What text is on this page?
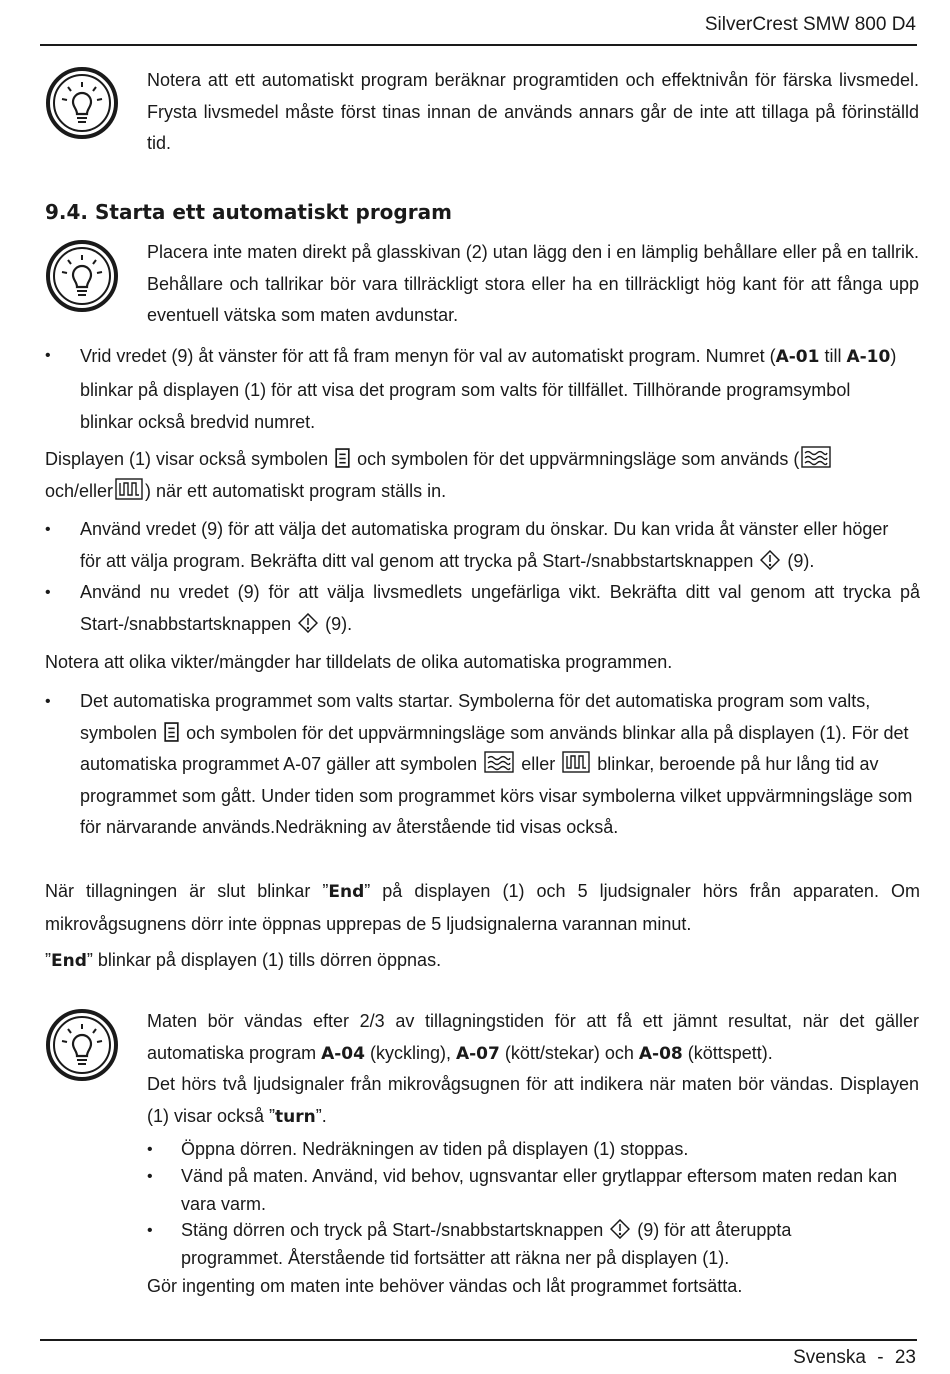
SilverCrest SMW 800 D4
Notera att ett automatiskt program beräknar programtiden och effektnivån för färska livsmedel. Frysta livsmedel måste först tinas innan de används annars går de inte att tillaga på förinställd tid.
9.4. Starta ett automatiskt program
Placera inte maten direkt på glasskivan (2) utan lägg den i en lämplig behållare eller på en tallrik. Behållare och tallrikar bör vara tillräckligt stora eller ha en tillräckligt hög kant för att fånga upp eventuell vätska som maten avdunstar.
• Vrid vredet (9) åt vänster för att få fram menyn för val av automatiskt program. Numret (A-01 till A-10) blinkar på displayen (1) för att visa det program som valts för tillfället. Tillhörande programsymbol blinkar också bredvid numret.
Displayen (1) visar också symbolen och symbolen för det uppvärmningsläge som används (
och/eller ) när ett automatiskt program ställs in.
• Använd vredet (9) för att välja det automatiska program du önskar. Du kan vrida åt vänster eller höger för att välja program. Bekräfta ditt val genom att trycka på Start-/snabbstartsknappen (9).
• Använd nu vredet (9) för att välja livsmedlets ungefärliga vikt. Bekräfta ditt val genom att trycka på Start-/snabbstartsknappen (9).
Notera att olika vikter/mängder har tilldelats de olika automatiska programmen.
• Det automatiska programmet som valts startar. Symbolerna för det automatiska program som valts, symbolen och symbolen för det uppvärmningsläge som används blinkar alla på displayen (1). För det automatiska programmet A-07 gäller att symbolen eller blinkar, beroende på hur lång tid av programmet som gått. Under tiden som programmet körs visar symbolerna vilket uppvärmningsläge som för närvarande används.Nedräkning av återstående tid visas också.
När tillagningen är slut blinkar ”End” på displayen (1) och 5 ljudsignaler hörs från apparaten. Om mikrovågsugnens dörr inte öppnas upprepas de 5 ljudsignalerna varannan minut.
”End” blinkar på displayen (1) tills dörren öppnas.
Maten bör vändas efter 2/3 av tillagningstiden för att få ett jämnt resultat, när det gäller automatiska program A-04 (kyckling), A-07 (kött/stekar) och A-08 (köttspett).
Det hörs två ljudsignaler från mikrovågsugnen för att indikera när maten bör vändas. Displayen (1) visar också ”turn”.
• Öppna dörren. Nedräkningen av tiden på displayen (1) stoppas.
• Vänd på maten. Använd, vid behov, ugnsvantar eller grytlappar eftersom maten redan kan vara varm.
• Stäng dörren och tryck på Start-/snabbstartsknappen (9) för att återuppta programmet. Återstående tid fortsätter att räkna ner på displayen (1).
Gör ingenting om maten inte behöver vändas och låt programmet fortsätta.
Svenska - 23
